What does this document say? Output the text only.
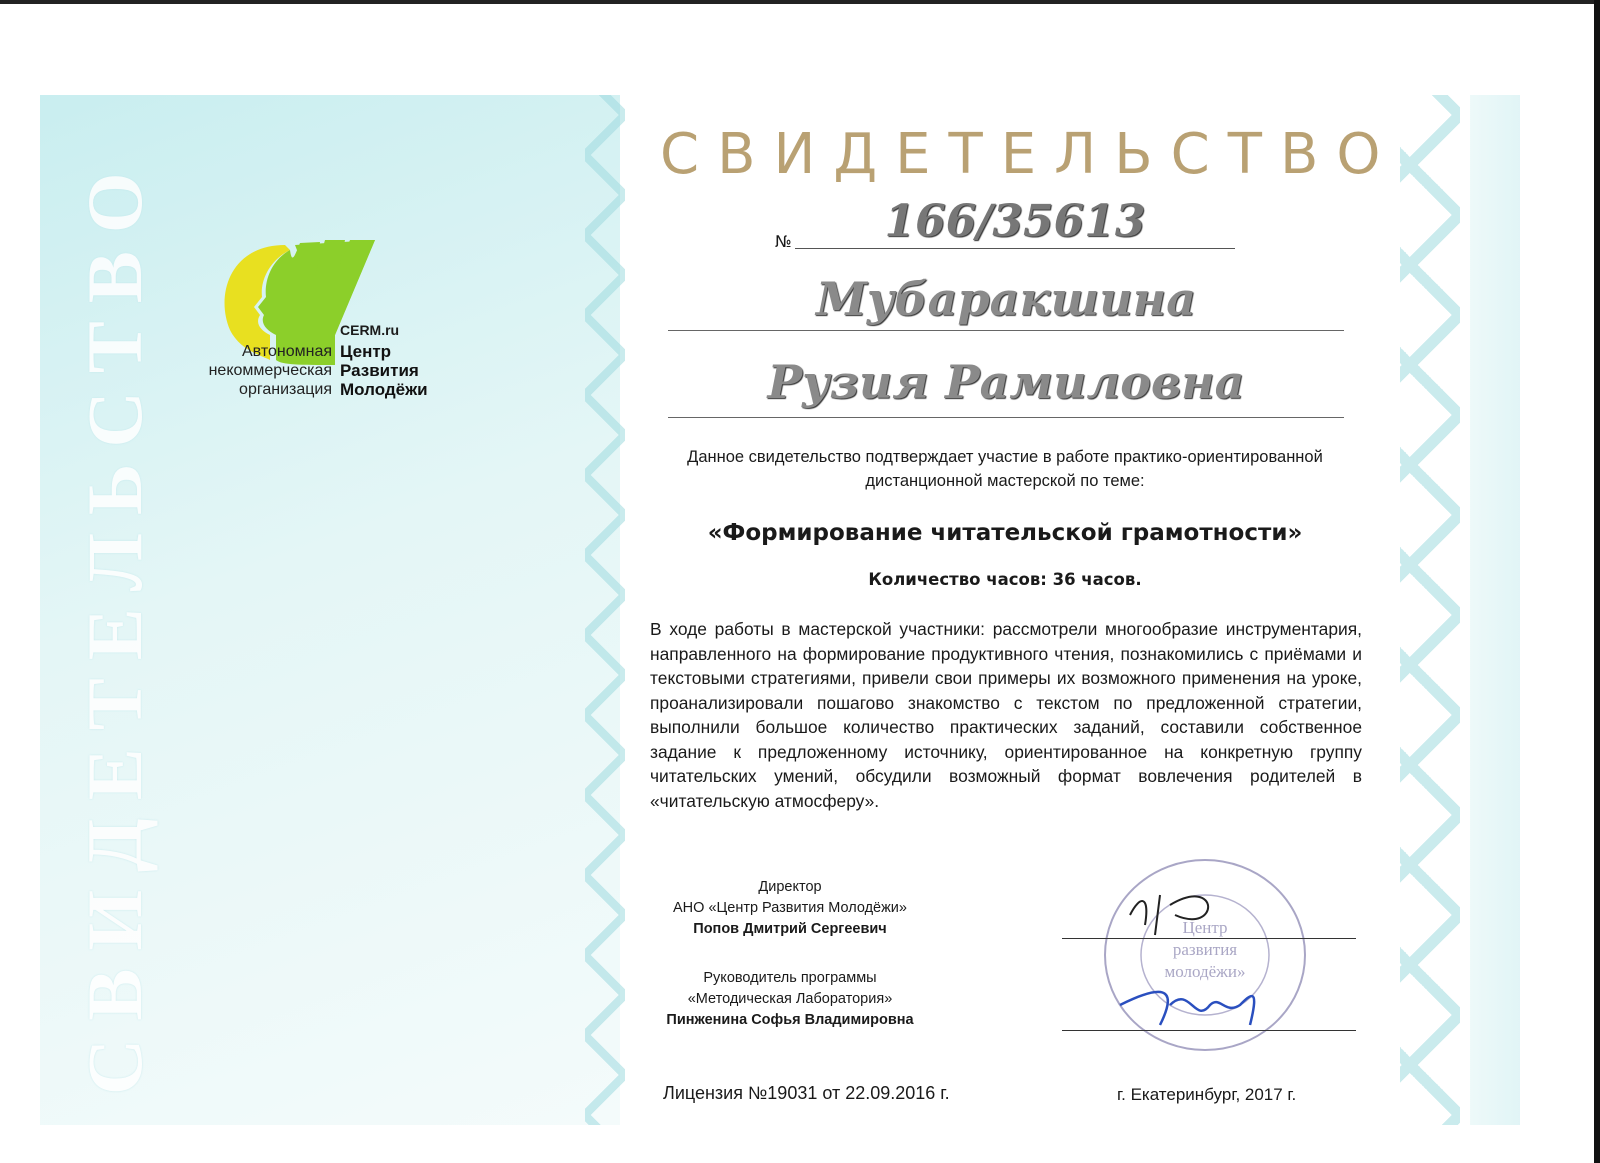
СВИДЕТЕЛЬСТВО	CERM.ru
Автономная
некоммерческая
организация
Центр
Развития
Молодёжи
СВИДЕТЕЛЬСТВО
№	166/35613
Мубаракшина
Рузия Рамиловна
Данное свидетельство подтверждает участие в работе практико-ориентированной дистанционной мастерской по теме:
«Формирование читательской грамотности»
Количество часов: 36 часов.
В ходе работы в мастерской участники: рассмотрели многообразие инструментария, направленного на формирование продуктивного чтения, познакомились с приёмами и текстовыми стратегиями, привели свои примеры их возможного применения на уроке, проанализировали пошагово знакомство с текстом по предложенной стратегии, выполнили большое количество практических заданий, составили собственное задание к предложенному источнику, ориентированное на конкретную группу читательских умений, обсудили возможный формат вовлечения родителей в «читательскую атмосферу».
Директор
АНО «Центр Развития Молодёжи»
Попов Дмитрий Сергеевич
Руководитель программы
«Методическая Лаборатория»
Пинженина Софья Владимировна
Центр
развития
молодёжи»
Лицензия №19031 от 22.09.2016 г.	г. Екатеринбург, 2017 г.
